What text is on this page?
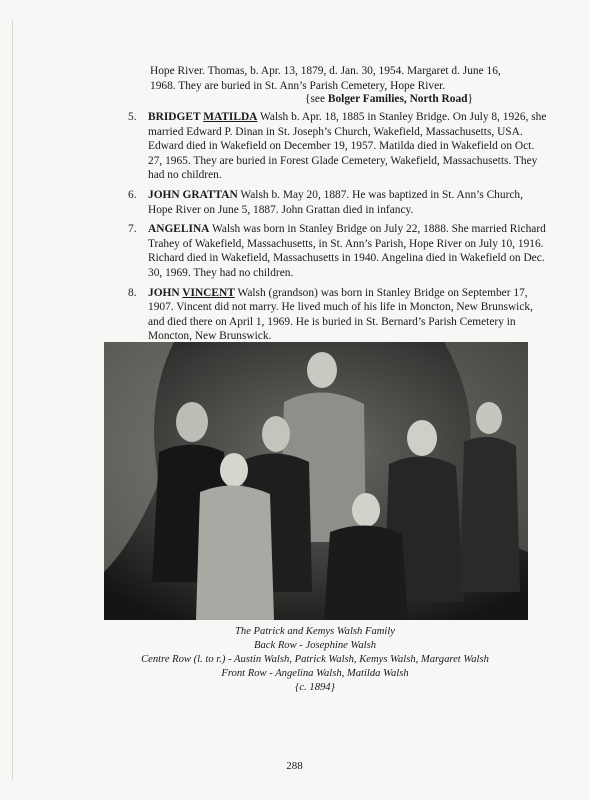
Hope River. Thomas, b. Apr. 13, 1879, d. Jan. 30, 1954. Margaret d. June 16,
1968. They are buried in St. Ann’s Parish Cemetery, Hope River.
{see Bolger Families, North Road}
5.	BRIDGET MATILDA Walsh b. Apr. 18, 1885 in Stanley Bridge. On July 8, 1926, she married Edward P. Dinan in St. Joseph’s Church, Wakefield, Massachusetts, USA. Edward died in Wakefield on December 19, 1957. Matilda died in Wakefield on Oct. 27, 1965. They are buried in Forest Glade Cemetery, Wakefield, Massachusetts. They had no children.
6.	JOHN GRATTAN Walsh b. May 20, 1887. He was baptized in St. Ann’s Church, Hope River on June 5, 1887. John Grattan died in infancy.
7.	ANGELINA Walsh was born in Stanley Bridge on July 22, 1888. She married Richard Trahey of Wakefield, Massachusetts, in St. Ann’s Parish, Hope River on July 10, 1916. Richard died in Wakefield, Massachusetts in 1940. Angelina died in Wakefield on Dec. 30, 1969. They had no children.
8.	JOHN VINCENT Walsh (grandson) was born in Stanley Bridge on September 17, 1907. Vincent did not marry. He lived much of his life in Moncton, New Brunswick, and died there on April 1, 1969. He is buried in St. Bernard’s Parish Cemetery in Moncton, New Brunswick.
The Patrick and Kemys Walsh Family
Back Row - Josephine Walsh
Centre Row (l. to r.) - Austin Walsh, Patrick Walsh, Kemys Walsh, Margaret Walsh
Front Row - Angelina Walsh, Matilda Walsh
{c. 1894}
288
